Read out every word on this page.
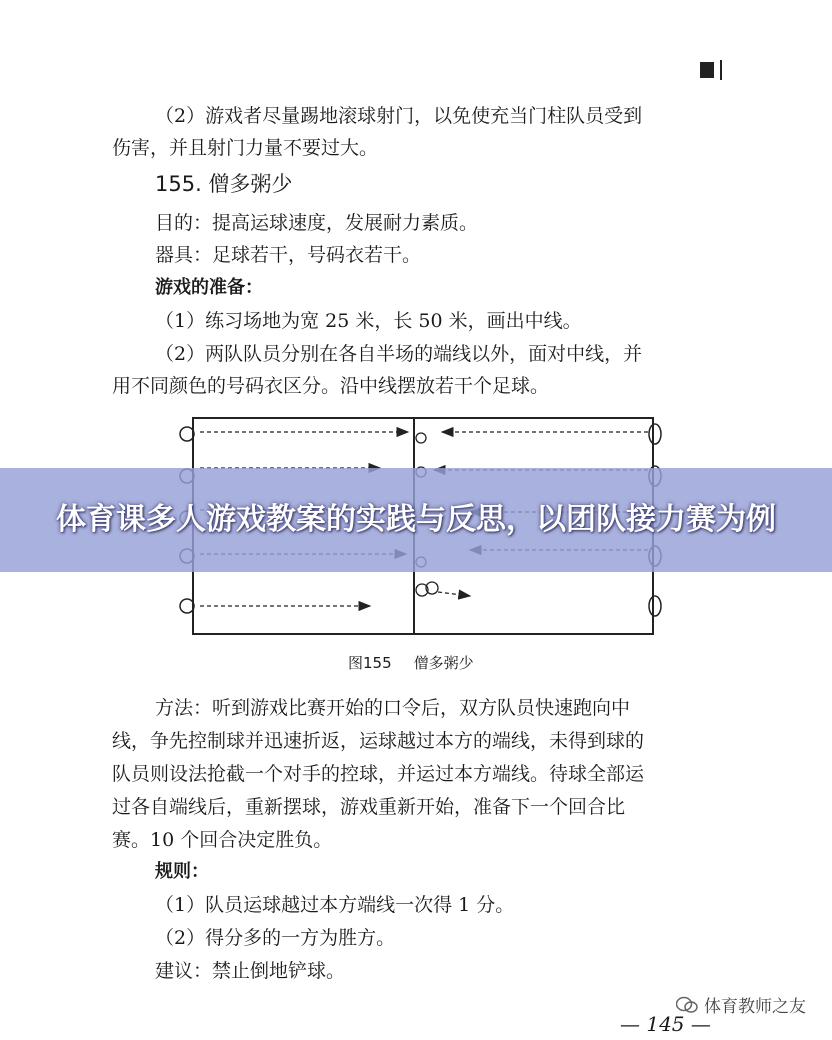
（2）游戏者尽量踢地滚球射门，以免使充当门柱队员受到
伤害，并且射门力量不要过大。
155. 僧多粥少
目的：提高运球速度，发展耐力素质。
器具：足球若干，号码衣若干。
游戏的准备：
（1）练习场地为宽 25 米，长 50 米，画出中线。
（2）两队队员分别在各自半场的端线以外，面对中线，并
用不同颜色的号码衣区分。沿中线摆放若干个足球。
图155 僧多粥少
方法：听到游戏比赛开始的口令后，双方队员快速跑向中
线，争先控制球并迅速折返，运球越过本方的端线，未得到球的
队员则设法抢截一个对手的控球，并运过本方端线。待球全部运
过各自端线后，重新摆球，游戏重新开始，准备下一个回合比
赛。10 个回合决定胜负。
规则：
（1）队员运球越过本方端线一次得 1 分。
（2）得分多的一方为胜方。
建议：禁止倒地铲球。
体育课多人游戏教案的实践与反思，以团队接力赛为例
体育教师之友
— 145 —
